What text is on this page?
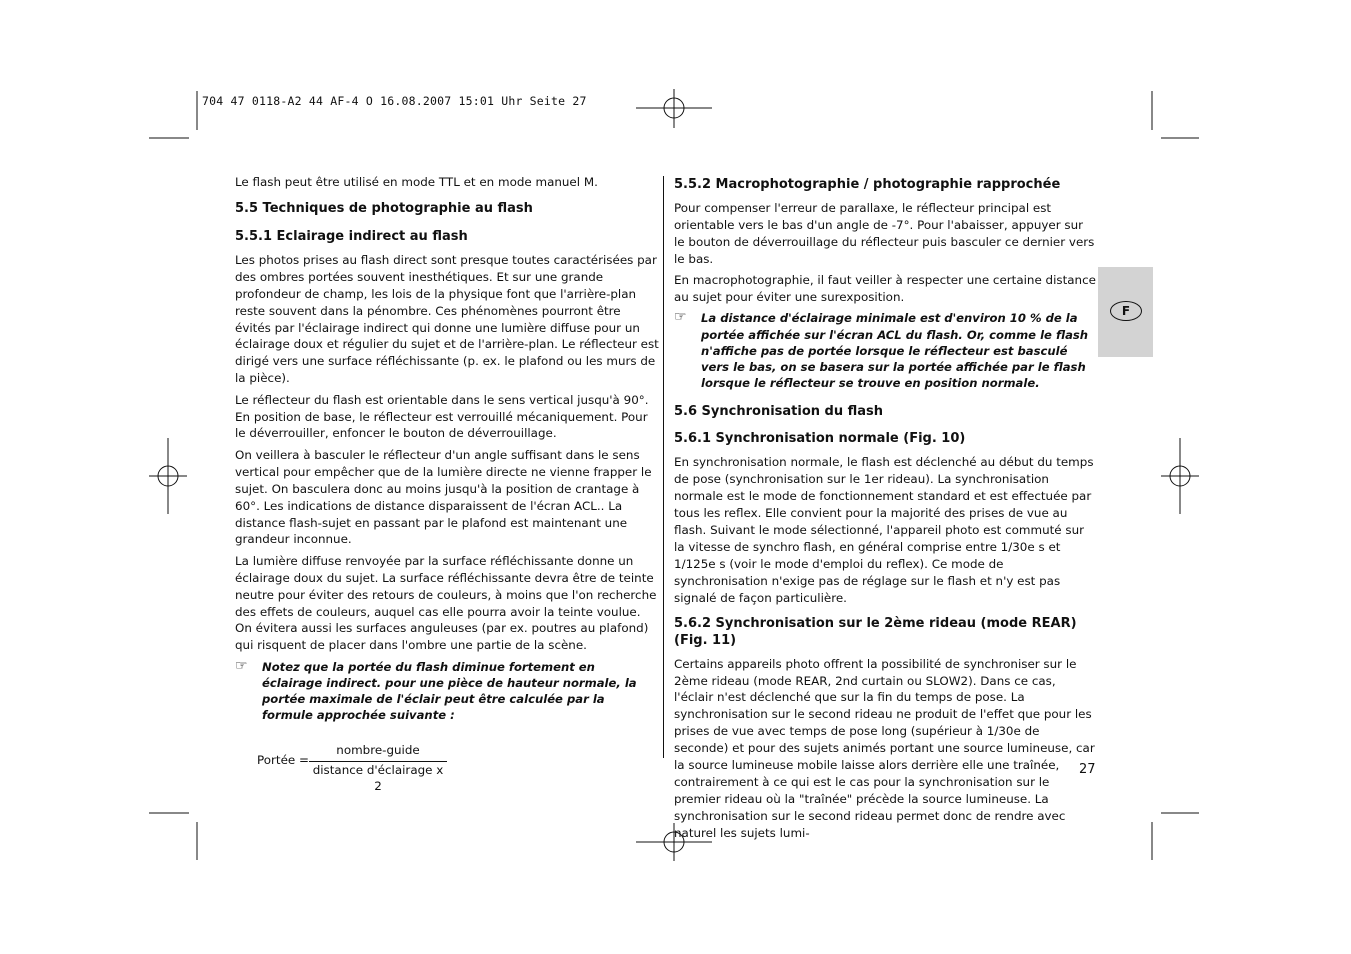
704 47 0118-A2 44 AF-4 O 16.08.2007 15:01 Uhr Seite 27

Le flash peut être utilisé en mode TTL et en mode manuel M.

5.5 Techniques de photographie au flash
5.5.1 Eclairage indirect au flash

Les photos prises au flash direct sont presque toutes caractérisées par des ombres portées souvent inesthétiques. Et sur une grande profondeur de champ, les lois de la physique font que l'arrière-plan reste souvent dans la pénombre. Ces phénomènes pourront être évités par l'éclairage indirect qui donne une lumière diffuse pour un éclairage doux et régulier du sujet et de l'arrière-plan. Le réflecteur est dirigé vers une surface réfléchissante (p. ex. le plafond ou les murs de la pièce).

Le réflecteur du flash est orientable dans le sens vertical jusqu'à 90°. En position de base, le réflecteur est verrouillé mécaniquement. Pour le déverrouiller, enfoncer le bouton de déverrouillage.

On veillera à basculer le réflecteur d'un angle suffisant dans le sens vertical pour empêcher que de la lumière directe ne vienne frapper le sujet. On basculera donc au moins jusqu'à la position de crantage à 60°. Les indications de distance disparaissent de l'écran ACL.. La distance flash-sujet en passant par le plafond est maintenant une grandeur inconnue.

La lumière diffuse renvoyée par la surface réfléchissante donne un éclairage doux du sujet. La surface réfléchissante devra être de teinte neutre pour éviter des retours de couleurs, à moins que l'on recherche des effets de couleurs, auquel cas elle pourra avoir la teinte voulue. On évitera aussi les surfaces anguleuses (par ex. poutres au plafond) qui risquent de placer dans l'ombre une partie de la scène.

☞ Notez que la portée du flash diminue fortement en éclairage indirect. pour une pièce de hauteur normale, la portée maximale de l'éclair peut être calculée par la formule approchée suivante :
Portée =
nombre-guide
distance d'éclairage x 2
5.5.2 Macrophotographie / photographie rapprochée

Pour compenser l'erreur de parallaxe, le réflecteur principal est orientable vers le bas d'un angle de -7°. Pour l'abaisser, appuyer sur le bouton de déverrouillage du réflecteur puis basculer ce dernier vers le bas.

En macrophotographie, il faut veiller à respecter une certaine distance au sujet pour éviter une surexposition.

☞ La distance d'éclairage minimale est d'environ 10 % de la portée affichée sur l'écran ACL du flash. Or, comme le flash n'affiche pas de portée lorsque le réflecteur est basculé vers le bas, on se basera sur la portée affichée par le flash lorsque le réflecteur se trouve en position normale.
5.6 Synchronisation du flash
5.6.1 Synchronisation normale (Fig. 10)

En synchronisation normale, le flash est déclenché au début du temps de pose (synchronisation sur le 1er rideau). La synchronisation normale est le mode de fonctionnement standard et est effectuée par tous les reflex. Elle convient pour la majorité des prises de vue au flash. Suivant le mode sélectionné, l'appareil photo est commuté sur la vitesse de synchro flash, en général comprise entre 1/30e s et 1/125e s (voir le mode d'emploi du reflex). Ce mode de synchronisation n'exige pas de réglage sur le flash et n'y est pas signalé de façon particulière.

5.6.2 Synchronisation sur le 2ème rideau (mode REAR) (Fig. 11)

Certains appareils photo offrent la possibilité de synchroniser sur le 2ème rideau (mode REAR, 2nd curtain ou SLOW2). Dans ce cas, l'éclair n'est déclenché que sur la fin du temps de pose. La synchronisation sur le second rideau ne produit de l'effet que pour les prises de vue avec temps de pose long (supérieur à 1/30e de seconde) et pour des sujets animés portant une source lumineuse, car la source lumineuse mobile laisse alors derrière elle une traînée, contrairement à ce qui est le cas pour la synchronisation sur le premier rideau où la "traînée" précède la source lumineuse. La synchronisation sur le second rideau permet donc de rendre avec naturel les sujets lumi-

F
27
